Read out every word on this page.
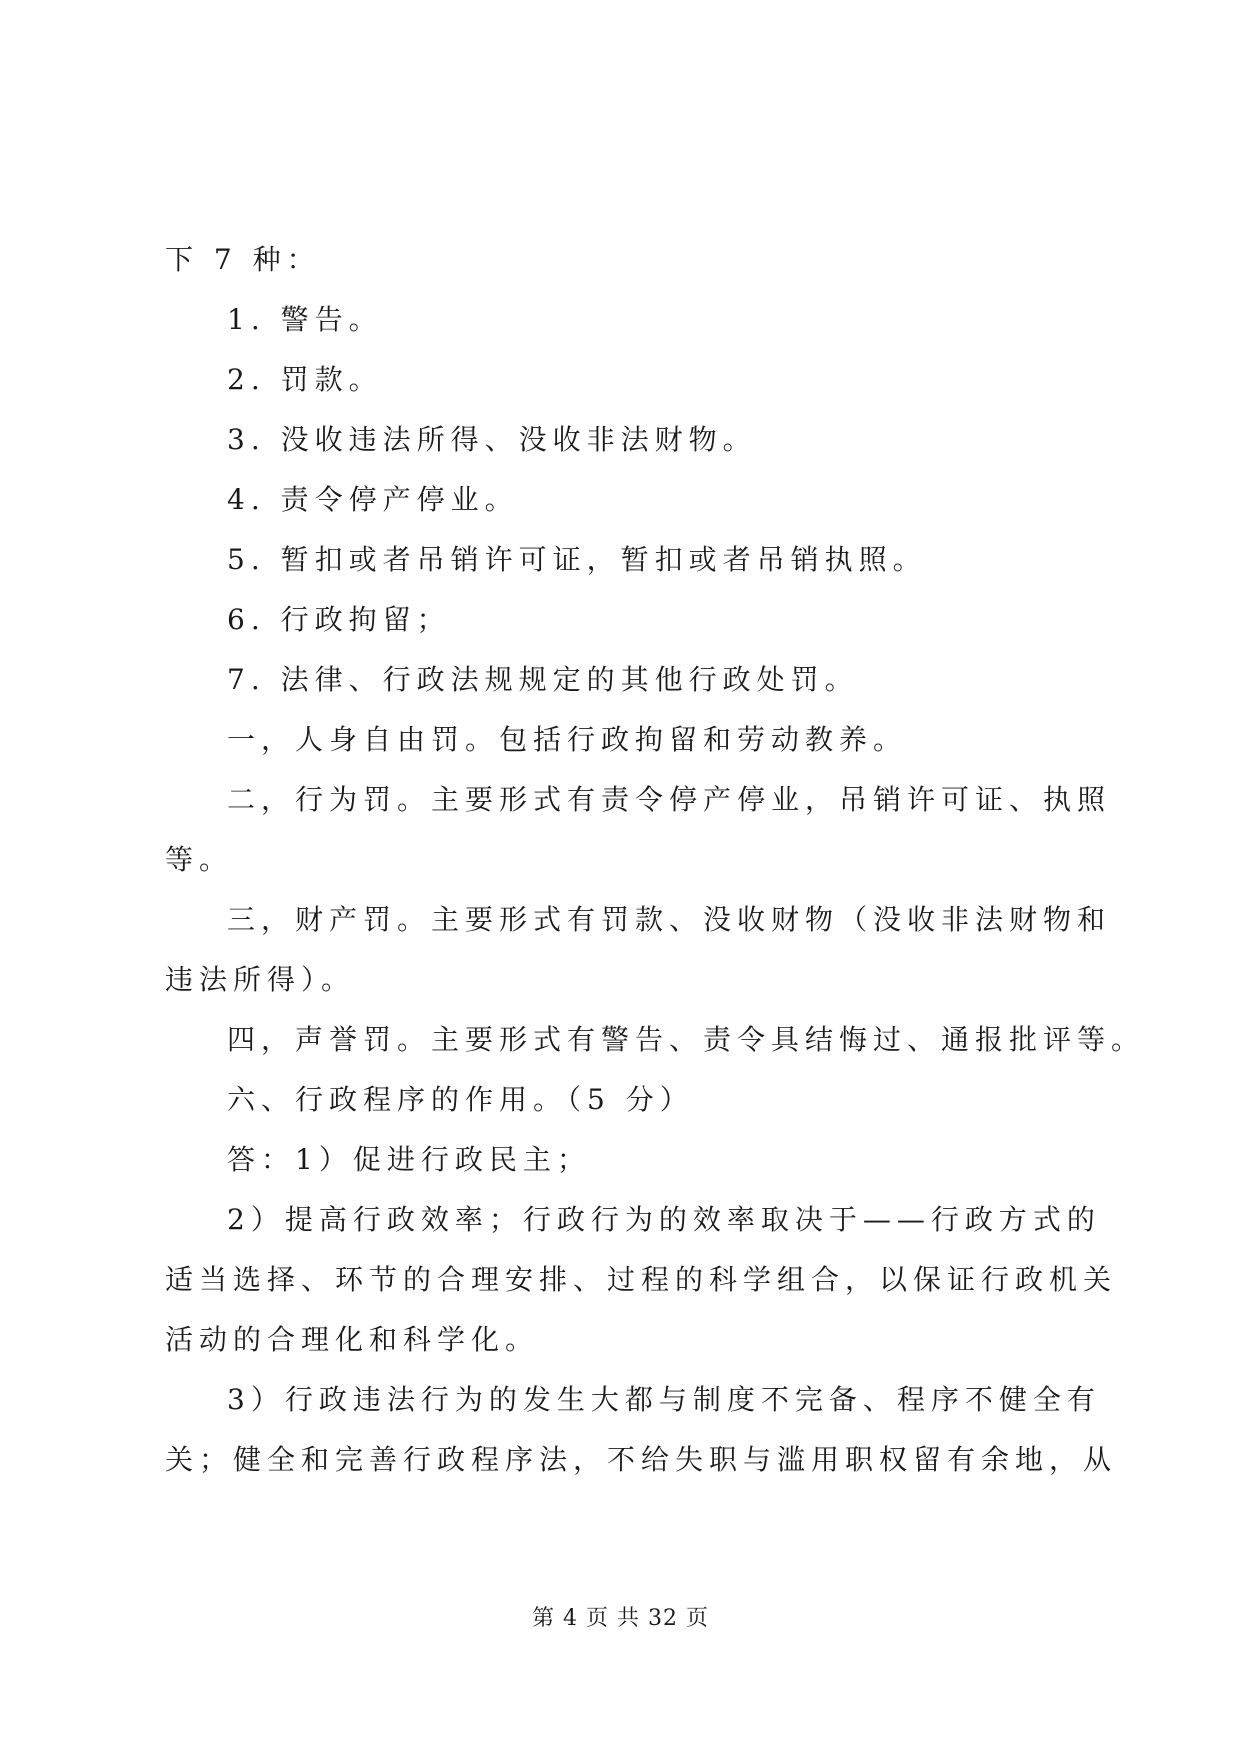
下 7 种：

1. 警告。

2. 罚款。

3. 没收违法所得、没收非法财物。

4. 责令停产停业。

5. 暂扣或者吊销许可证，暂扣或者吊销执照。

6. 行政拘留；

7. 法律、行政法规规定的其他行政处罚。

一，人身自由罚。包括行政拘留和劳动教养。

二，行为罚。主要形式有责令停产停业，吊销许可证、执照

等。

三，财产罚。主要形式有罚款、没收财物（没收非法财物和

违法所得）。

四，声誉罚。主要形式有警告、责令具结悔过、通报批评等。

六、行政程序的作用。（5 分）

答：1）促进行政民主；

2）提高行政效率；行政行为的效率取决于——行政方式的

适当选择、环节的合理安排、过程的科学组合，以保证行政机关

活动的合理化和科学化。

3）行政违法行为的发生大都与制度不完备、程序不健全有

关；健全和完善行政程序法，不给失职与滥用职权留有余地，从

第 4 页 共 32 页
